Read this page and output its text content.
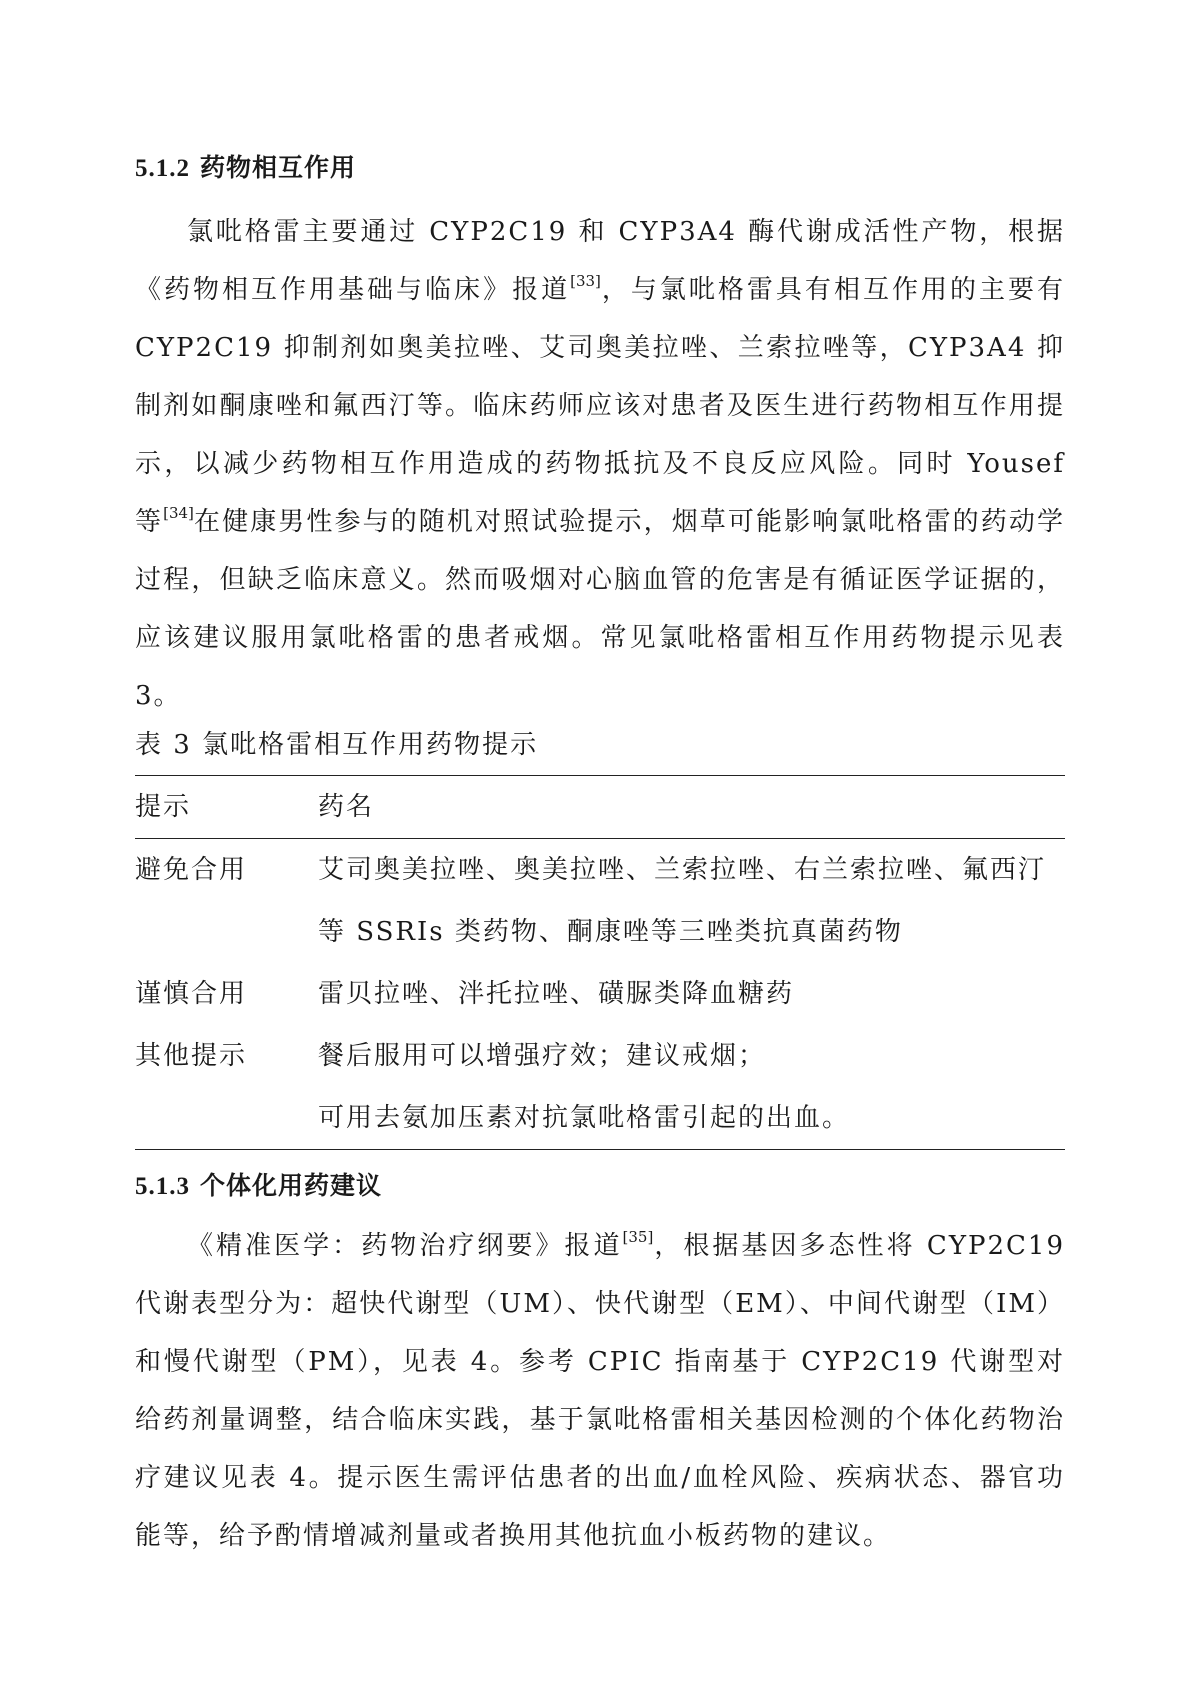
5.1.2 药物相互作用

氯吡格雷主要通过 CYP2C19 和 CYP3A4 酶代谢成活性产物，根据《药物相互作用基础与临床》报道[33]，与氯吡格雷具有相互作用的主要有 CYP2C19 抑制剂如奥美拉唑、艾司奥美拉唑、兰索拉唑等，CYP3A4 抑制剂如酮康唑和氟西汀等。临床药师应该对患者及医生进行药物相互作用提示，以减少药物相互作用造成的药物抵抗及不良反应风险。同时 Yousef 等[34]在健康男性参与的随机对照试验提示，烟草可能影响氯吡格雷的药动学过程，但缺乏临床意义。然而吸烟对心脑血管的危害是有循证医学证据的，应该建议服用氯吡格雷的患者戒烟。常见氯吡格雷相互作用药物提示见表 3。

表 3 氯吡格雷相互作用药物提示

提示	药名
避免合用	艾司奥美拉唑、奥美拉唑、兰索拉唑、右兰索拉唑、氟西汀
等 SSRIs 类药物、酮康唑等三唑类抗真菌药物
谨慎合用	雷贝拉唑、泮托拉唑、磺脲类降血糖药
其他提示	餐后服用可以增强疗效；建议戒烟；
可用去氨加压素对抗氯吡格雷引起的出血。
5.1.3 个体化用药建议

《精准医学：药物治疗纲要》报道[35]，根据基因多态性将 CYP2C19 代谢表型分为：超快代谢型（UM）、快代谢型（EM）、中间代谢型（IM）和慢代谢型（PM），见表 4。参考 CPIC 指南基于 CYP2C19 代谢型对给药剂量调整，结合临床实践，基于氯吡格雷相关基因检测的个体化药物治疗建议见表 4。提示医生需评估患者的出血/血栓风险、疾病状态、器官功能等，给予酌情增减剂量或者换用其他抗血小板药物的建议。
